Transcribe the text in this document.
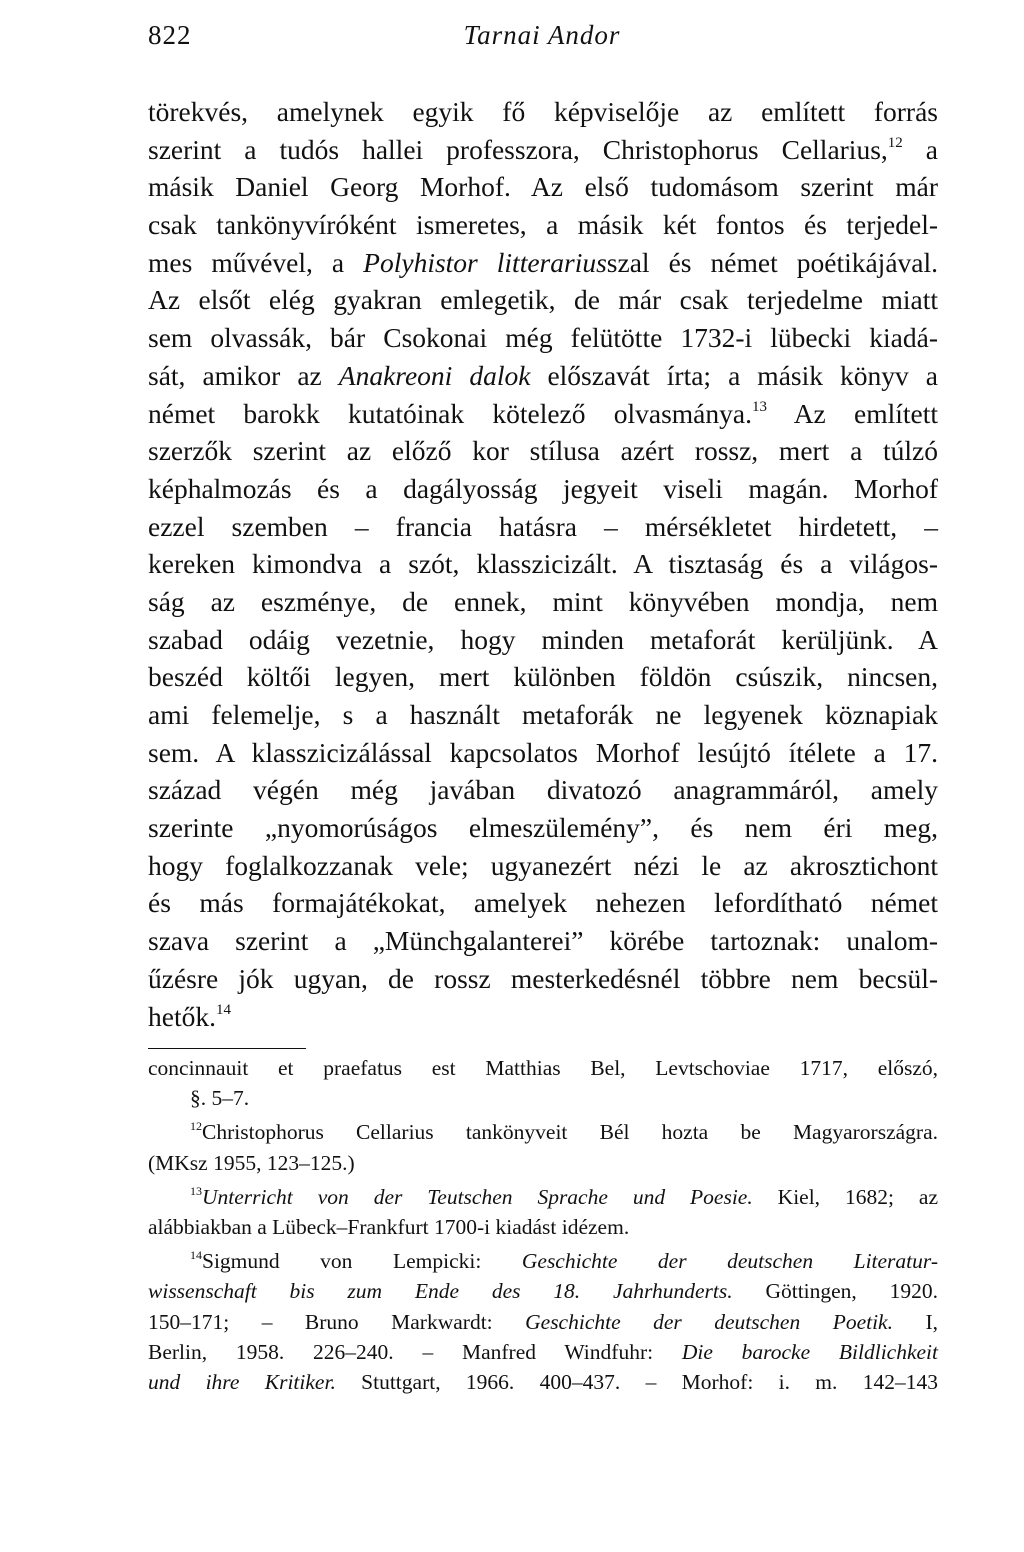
822	Tarnai Andor
törekvés, amelynek egyik fő képviselője az említett forrás
szerint a tudós hallei professzora, Christophorus Cellarius,$^{12}$ a
másik Daniel Georg Morhof. Az első tudomásom szerint már
csak tankönyvíróként ismeretes, a másik két fontos és terjedel-
mes művével, a Polyhistor litterariusszal és német poétikájával.
Az elsőt elég gyakran emlegetik, de már csak terjedelme miatt
sem olvassák, bár Csokonai még felütötte 1732-i lübecki kiadá-
sát, amikor az Anakreoni dalok előszavát írta; a másik könyv a
német barokk kutatóinak kötelező olvasmánya.$^{13}$ Az említett
szerzők szerint az előző kor stílusa azért rossz, mert a túlzó
képhalmozás és a dagályosság jegyeit viseli magán. Morhof
ezzel szemben – francia hatásra – mérsékletet hirdetett, –
kereken kimondva a szót, klasszicizált. A tisztaság és a világos-
ság az eszménye, de ennek, mint könyvében mondja, nem
szabad odáig vezetnie, hogy minden metaforát kerüljünk. A
beszéd költői legyen, mert különben földön csúszik, nincsen,
ami felemelje, s a használt metaforák ne legyenek köznapiak
sem. A klasszicizálással kapcsolatos Morhof lesújtó ítélete a 17.
század végén még javában divatozó anagrammáról, amely
szerinte „nyomorúságos elmeszülemény”, és nem éri meg,
hogy foglalkozzanak vele; ugyanezért nézi le az akrosztichont
és más formajátékokat, amelyek nehezen lefordítható német
szava szerint a „Münchgalanterei” körébe tartoznak: unalom-
űzésre jók ugyan, de rossz mesterkedésnél többre nem becsül-
hetők.$^{14}$
concinnauit et praefatus est Matthias Bel, Levtschoviae 1717, előszó,
§. 5–7.
$^{12}$Christophorus Cellarius tankönyveit Bél hozta be Magyarországra.
(MKsz 1955, 123–125.)
$^{13}$Unterricht von der Teutschen Sprache und Poesie. Kiel, 1682; az
alábbiakban a Lübeck–Frankfurt 1700-i kiadást idézem.
$^{14}$Sigmund von Lempicki: Geschichte der deutschen Literatur-
wissenschaft bis zum Ende des 18. Jahrhunderts. Göttingen, 1920.
150–171; – Bruno Markwardt: Geschichte der deutschen Poetik. I,
Berlin, 1958. 226–240. – Manfred Windfuhr: Die barocke Bildlichkeit
und ihre Kritiker. Stuttgart, 1966. 400–437. – Morhof: i. m. 142–143
